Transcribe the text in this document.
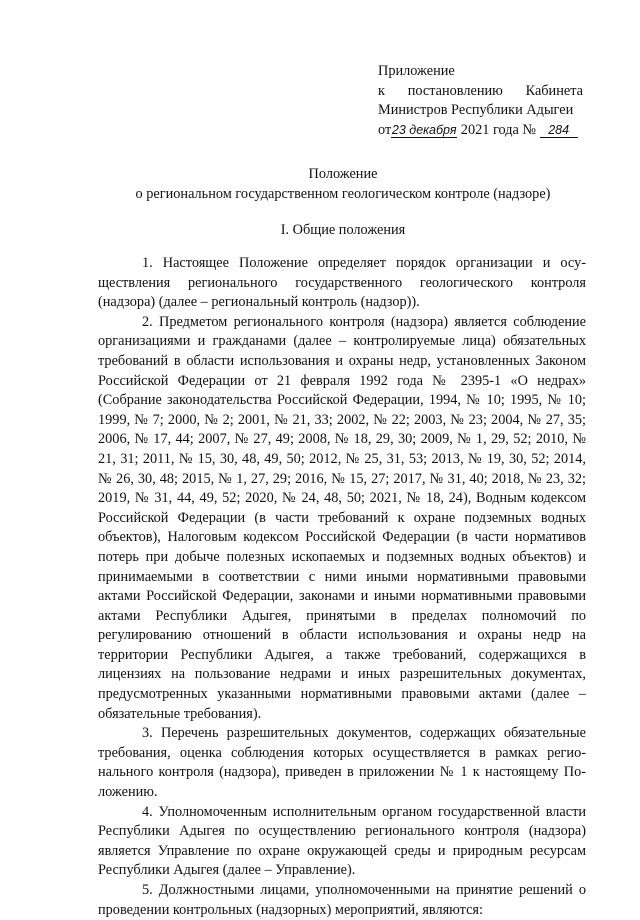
Приложение
к постановлению Кабинета
Министров Республики Адыгеи
от23 декабря 2021 года № 284
Положение
о региональном государственном геологическом контроле (надзоре)
I. Общие положения

1. Настоящее Положение определяет порядок организации и осуществления регионального государственного геологического контроля (надзора) (далее – региональный контроль (надзор)).

2. Предметом регионального контроля (надзора) является соблюдение организациями и гражданами (далее – контролируемые лица) обязательных требований в области использования и охраны недр, установленных Законом Российской Федерации от 21 февраля 1992 года № 2395-1 «О недрах» (Собрание законодательства Российской Федерации, 1994, № 10; 1995, № 10; 1999, № 7; 2000, № 2; 2001, № 21, 33; 2002, № 22; 2003, № 23; 2004, № 27, 35; 2006, № 17, 44; 2007, № 27, 49; 2008, № 18, 29, 30; 2009, № 1, 29, 52; 2010, № 21, 31; 2011, № 15, 30, 48, 49, 50; 2012, № 25, 31, 53; 2013, № 19, 30, 52; 2014, № 26, 30, 48; 2015, № 1, 27, 29; 2016, № 15, 27; 2017, № 31, 40; 2018, № 23, 32; 2019, № 31, 44, 49, 52; 2020, № 24, 48, 50; 2021, № 18, 24), Водным кодексом Российской Федерации (в части требований к охране подземных водных объектов), Налоговым кодексом Российской Федерации (в части нормативов потерь при добыче полезных ископаемых и подземных водных объектов) и принимаемыми в соответствии с ними иными нормативными правовыми актами Российской Федерации, законами и иными нормативными правовыми актами Республики Адыгея, принятыми в пределах полномочий по регулированию отношений в области использования и охраны недр на территории Республики Адыгея, а также требований, содержащихся в лицензиях на пользование недрами и иных разрешительных документах, предусмотренных указанными нормативными правовыми актами (далее – обязательные требования).

3. Перечень разрешительных документов, содержащих обязательные требования, оценка соблюдения которых осуществляется в рамках регионального контроля (надзора), приведен в приложении № 1 к настоящему Положению.

4. Уполномоченным исполнительным органом государственной власти Республики Адыгея по осуществлению регионального контроля (надзора) является Управление по охране окружающей среды и природным ресурсам Республики Адыгея (далее – Управление).

5. Должностными лицами, уполномоченными на принятие решений о проведении контрольных (надзорных) мероприятий, являются:
